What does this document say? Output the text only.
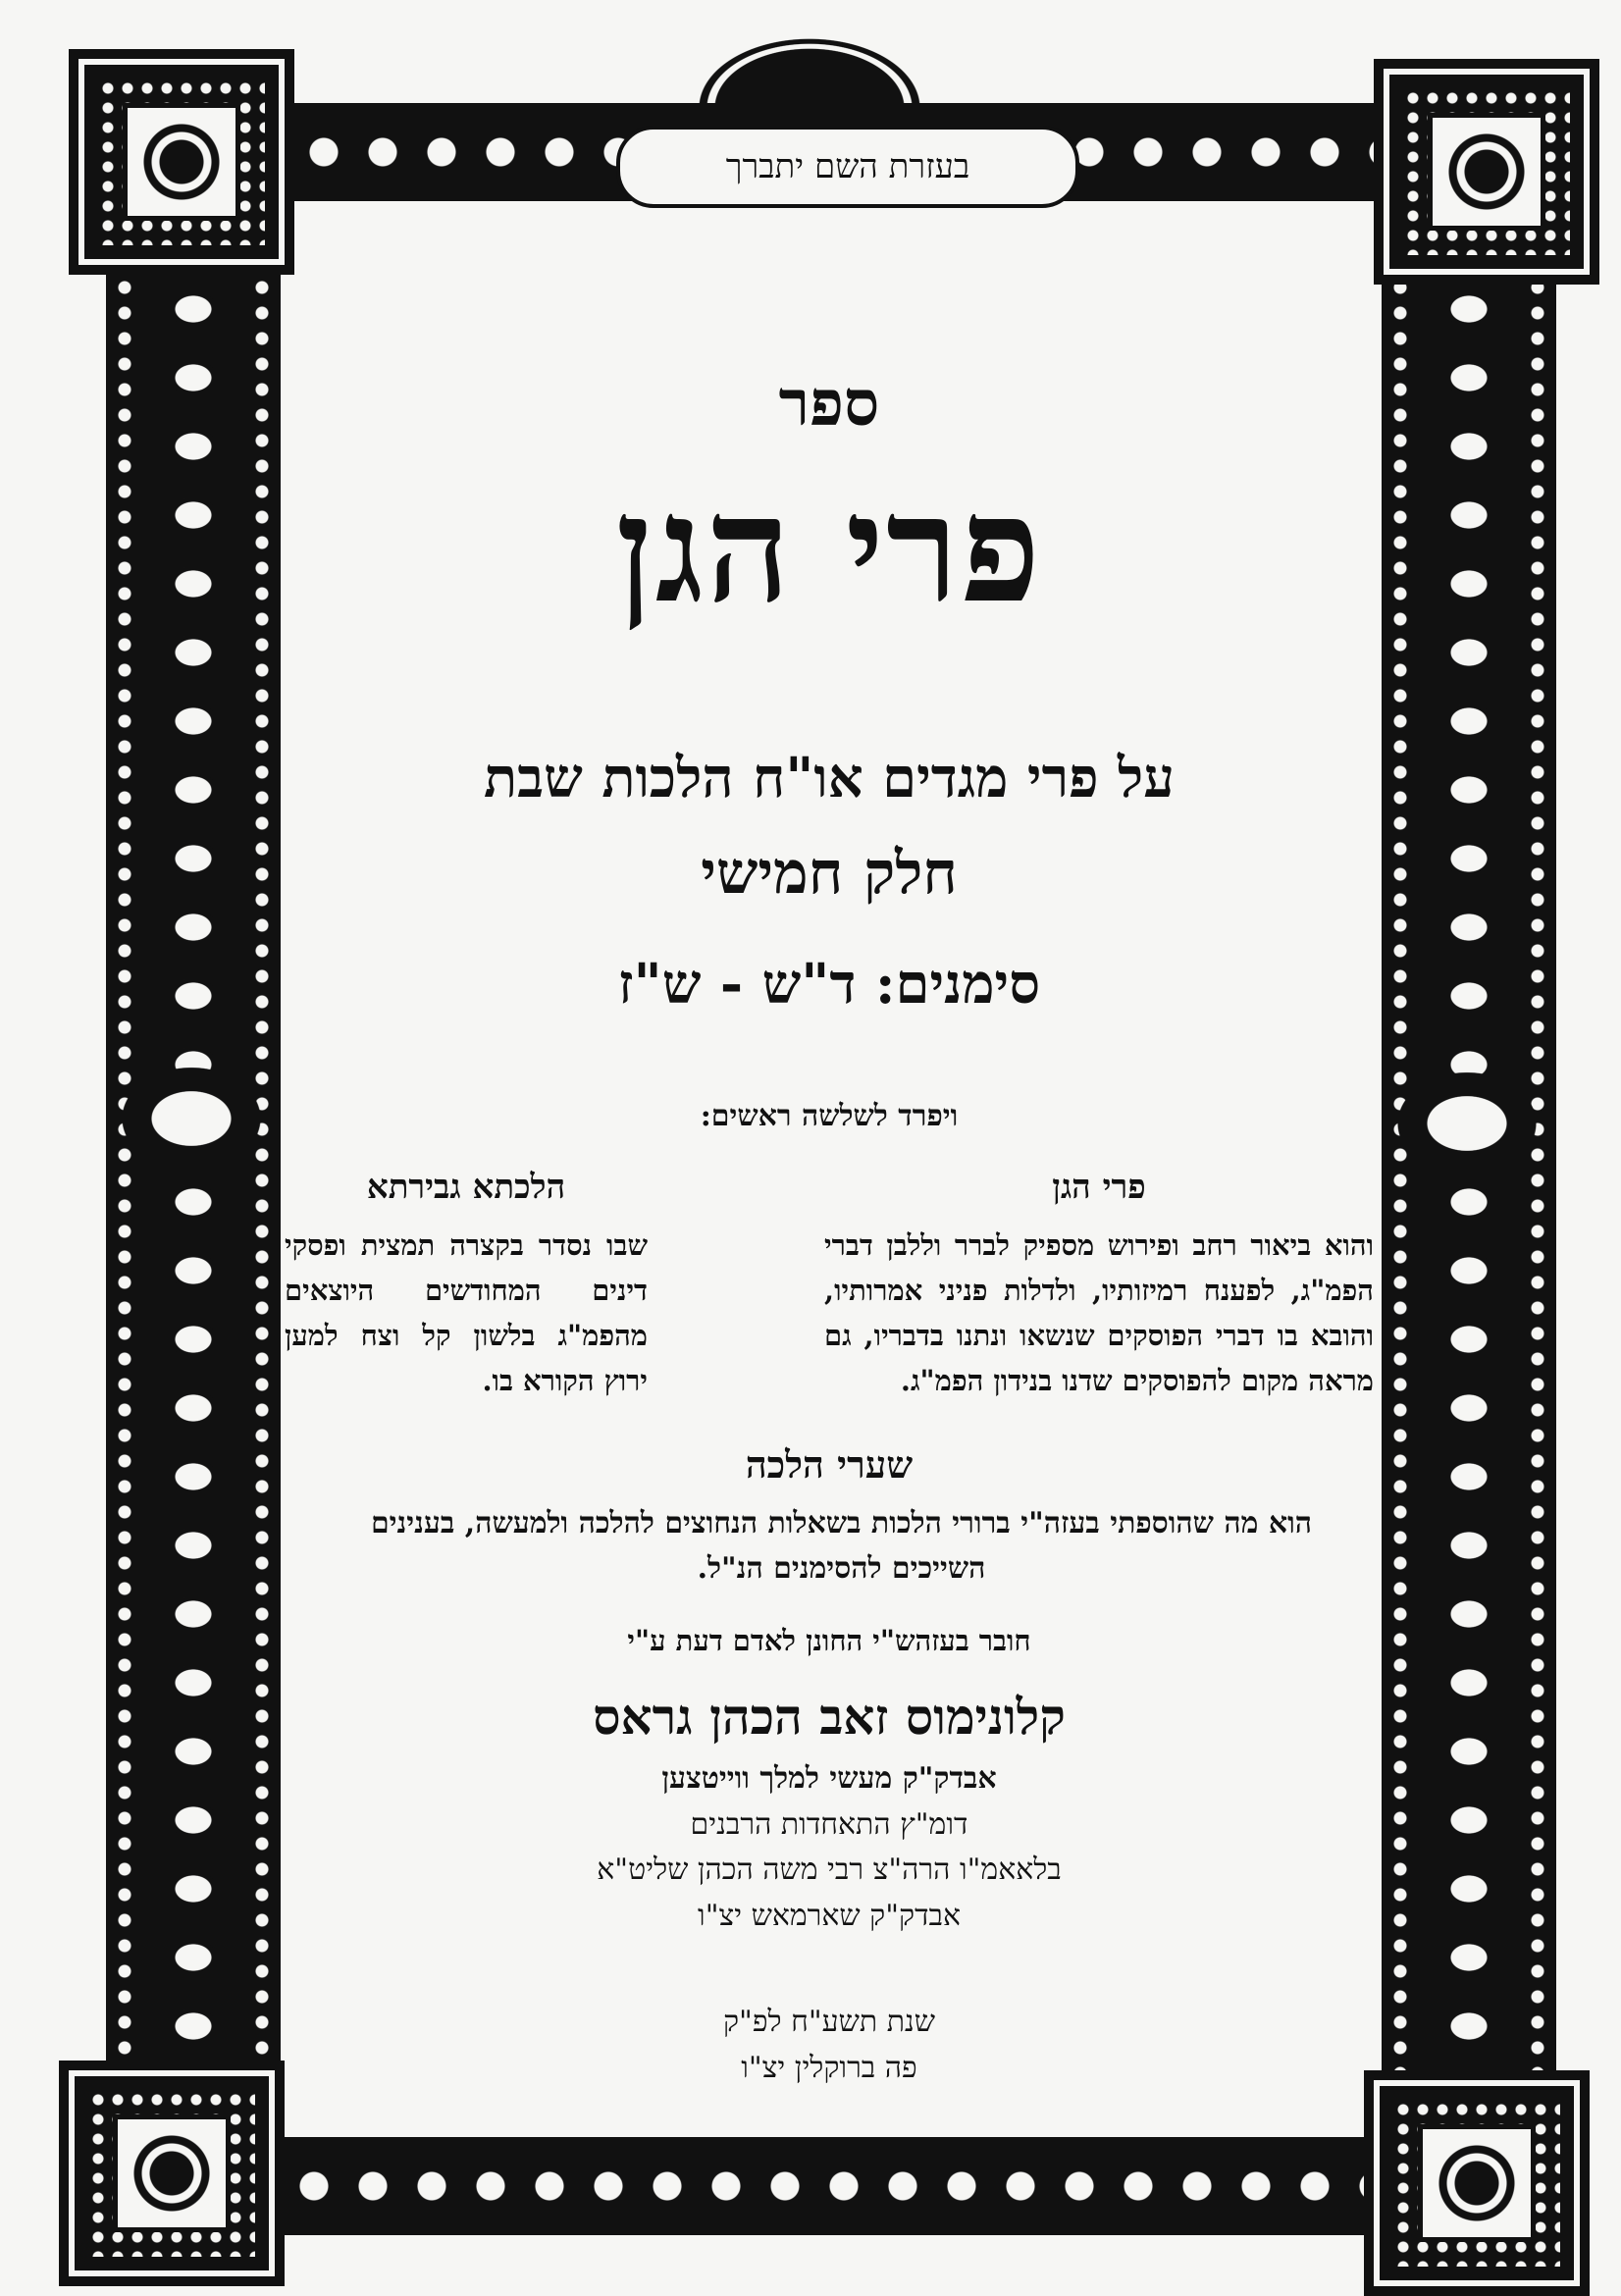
בעזרת השם יתברך
ספר
פרי הגן
על פרי מגדים או"ח הלכות שבת
חלק חמישי
סימנים: ד"ש - ש"ז
ויפרד לשלשה ראשים:
פרי הגן

והוא ביאור רחב ופירוש מספיק לברר וללבן דברי הפמ"ג, לפענח רמיזותיו, ולדלות פניני אמרותיו, והובא בו דברי הפוסקים שנשאו ונתנו בדבריו, גם מראה מקום להפוסקים שדנו בנידון הפמ"ג.

הלכתא גבירתא

שבו נסדר בקצרה תמצית ופסקי דינים המחודשים היוצאים מהפמ"ג בלשון קל וצח למען ירוץ הקורא בו.

שערי הלכה
הוא מה שהוספתי בעזה"י ברורי הלכות בשאלות הנחוצים להלכה ולמעשה, בענינים השייכים להסימנים הנ"ל.
חובר בעזהש"י החונן לאדם דעת ע"י
קלונימוס זאב הכהן גראס
אבדק"ק מעשי למלך ווייטצען
דומ"ץ התאחדות הרבנים
בלאאמ"ו הרה"צ רבי משה הכהן שליט"א
אבדק"ק שארמאש יצ"ו
שנת תשע"ח לפ"ק
פה ברוקלין יצ"ו
